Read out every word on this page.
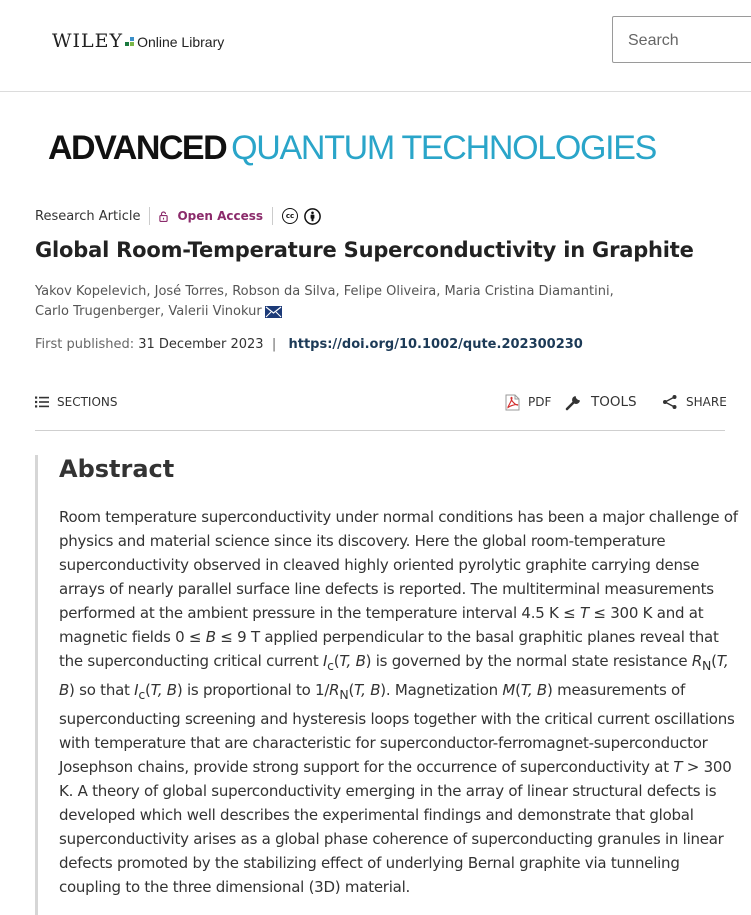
WILEY Online Library	Search
ADVANCED QUANTUM TECHNOLOGIES
Research Article	Open Access	cc
Global Room-Temperature Superconductivity in Graphite
Yakov Kopelevich, José Torres, Robson da Silva, Felipe Oliveira, Maria Cristina Diamantini,
Carlo Trugenberger, Valerii Vinokur
First published: 31 December 2023  |  https://doi.org/10.1002/qute.202300230
SECTIONS	PDF	TOOLS	SHARE
Abstract

Room temperature superconductivity under normal conditions has been a major challenge of physics and material science since its discovery. Here the global room-temperature superconductivity observed in cleaved highly oriented pyrolytic graphite carrying dense arrays of nearly parallel surface line defects is reported. The multiterminal measurements performed at the ambient pressure in the temperature interval 4.5 K ≤ T ≤ 300 K and at magnetic fields 0 ≤ B ≤ 9 T applied perpendicular to the basal graphitic planes reveal that the superconducting critical current $I_c(T$, B) is governed by the normal state resistance $R_N(T$, B) so that $I_c(T$, B) is proportional to $1/R_N(T$, B). Magnetization M(T, B) measurements of superconducting screening and hysteresis loops together with the critical current oscillations with temperature that are characteristic for superconductor-ferromagnet-superconductor Josephson chains, provide strong support for the occurrence of superconductivity at T > 300 K. A theory of global superconductivity emerging in the array of linear structural defects is developed which well describes the experimental findings and demonstrate that global superconductivity arises as a global phase coherence of superconducting granules in linear defects promoted by the stabilizing effect of underlying Bernal graphite via tunneling coupling to the three dimensional (3D) material.
